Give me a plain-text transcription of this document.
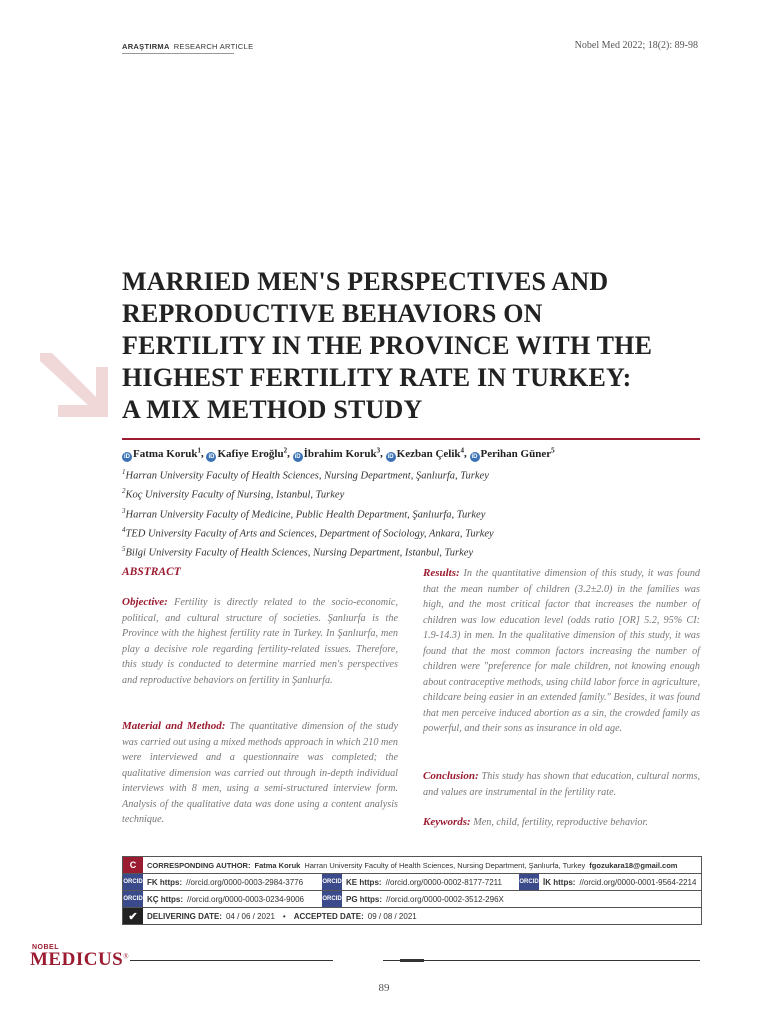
ARAŞTIRMA RESEARCH ARTICLE	Nobel Med 2022; 18(2): 89-98
MARRIED MEN'S PERSPECTIVES AND
REPRODUCTIVE BEHAVIORS ON
FERTILITY IN THE PROVINCE WITH THE
HIGHEST FERTILITY RATE IN TURKEY:
A MIX METHOD STUDY
iD Fatma Koruk$^1$, iD Kafiye Eroğlu$^2$, iD İbrahim Koruk$^3$, iD Kezban Çelik$^4$, iD Perihan Güner$^5$
$^1$Harran University Faculty of Health Sciences, Nursing Department, Şanlıurfa, Turkey
$^2$Koç University Faculty of Nursing, Istanbul, Turkey
$^3$Harran University Faculty of Medicine, Public Health Department, Şanlıurfa, Turkey
$^4$TED University Faculty of Arts and Sciences, Department of Sociology, Ankara, Turkey
$^5$Bilgi University Faculty of Health Sciences, Nursing Department, Istanbul, Turkey
ABSTRACT
Objective: Fertility is directly related to the socio-economic, political, and cultural structure of societies. Şanlıurfa is the Province with the highest fertility rate in Turkey. In Şanlıurfa, men play a decisive role regarding fertility-related issues. Therefore, this study is conducted to determine married men's perspectives and reproductive behaviors on fertility in Şanlıurfa.
Material and Method: The quantitative dimension of the study was carried out using a mixed methods approach in which 210 men were interviewed and a questionnaire was completed; the qualitative dimension was carried out through in-depth individual interviews with 8 men, using a semi-structured interview form. Analysis of the qualitative data was done using a content analysis technique.
Results: In the quantitative dimension of this study, it was found that the mean number of children (3.2±2.0) in the families was high, and the most critical factor that increases the number of children was low education level (odds ratio [OR] 5.2, 95% CI: 1.9-14.3) in men. In the qualitative dimension of this study, it was found that the most common factors increasing the number of children were "preference for male children, not knowing enough about contraceptive methods, using child labor force in agriculture, childcare being easier in an extended family." Besides, it was found that men perceive induced abortion as a sin, the crowded family as powerful, and their sons as insurance in old age.
Conclusion: This study has shown that education, cultural norms, and values are instrumental in the fertility rate.
Keywords: Men, child, fertility, reproductive behavior.
C	CORRESPONDING AUTHOR: Fatma Koruk Harran University Faculty of Health Sciences, Nursing Department, Şanlıurfa, Turkey fgozukara18@gmail.com
ORCID FK https: //orcid.org/0000-0003-2984-3776	ORCID KE https: //orcid.org/0000-0002-8177-7211	ORCID İK https: //orcid.org/0000-0001-9564-2214
ORCID KÇ https: //orcid.org/0000-0003-0234-9006	ORCID PG https: //orcid.org/0000-0002-3512-296X
✔	DELIVERING DATE: 04 / 06 / 2021 • ACCEPTED DATE: 09 / 08 / 2021
NOBEL
MEDICUS®
89
